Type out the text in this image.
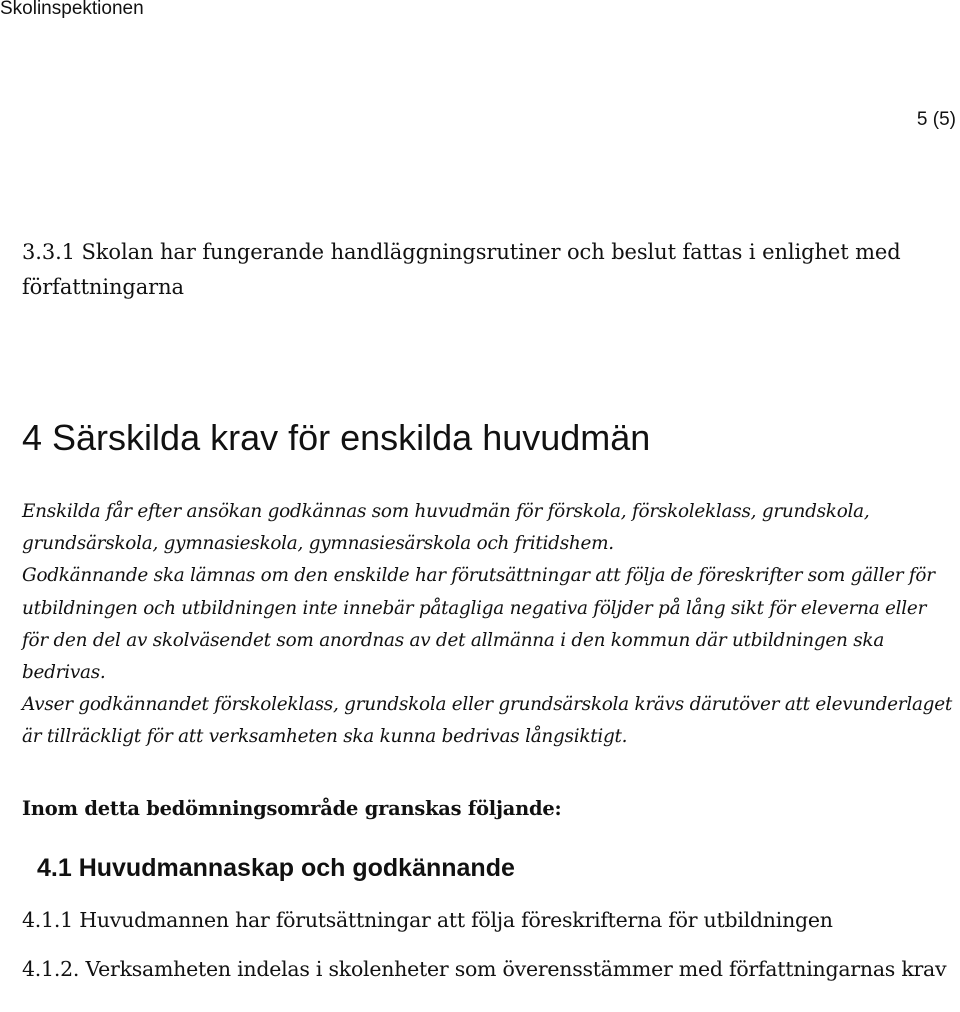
Skolinspektionen
5 (5)
3.3.1 Skolan har fungerande handläggningsrutiner och beslut fattas i enlighet med författningarna
4 Särskilda krav för enskilda huvudmän

Enskilda får efter ansökan godkännas som huvudmän för förskola, förskoleklass, grundskola, grundsärskola, gymnasieskola, gymnasiesärskola och fritidshem.

Godkännande ska lämnas om den enskilde har förutsättningar att följa de föreskrifter som gäller för utbildningen och utbildningen inte innebär påtagliga negativa följder på lång sikt för eleverna eller för den del av skolväsendet som anordnas av det allmänna i den kommun där utbildningen ska bedrivas.

Avser godkännandet förskoleklass, grundskola eller grundsärskola krävs därutöver att elevunderlaget är tillräckligt för att verksamheten ska kunna bedrivas långsiktigt.

Inom detta bedömningsområde granskas följande:
4.1 Huvudmannaskap och godkännande
4.1.1 Huvudmannen har förutsättningar att följa föreskrifterna för utbildningen
4.1.2. Verksamheten indelas i skolenheter som överensstämmer med författningarnas krav
